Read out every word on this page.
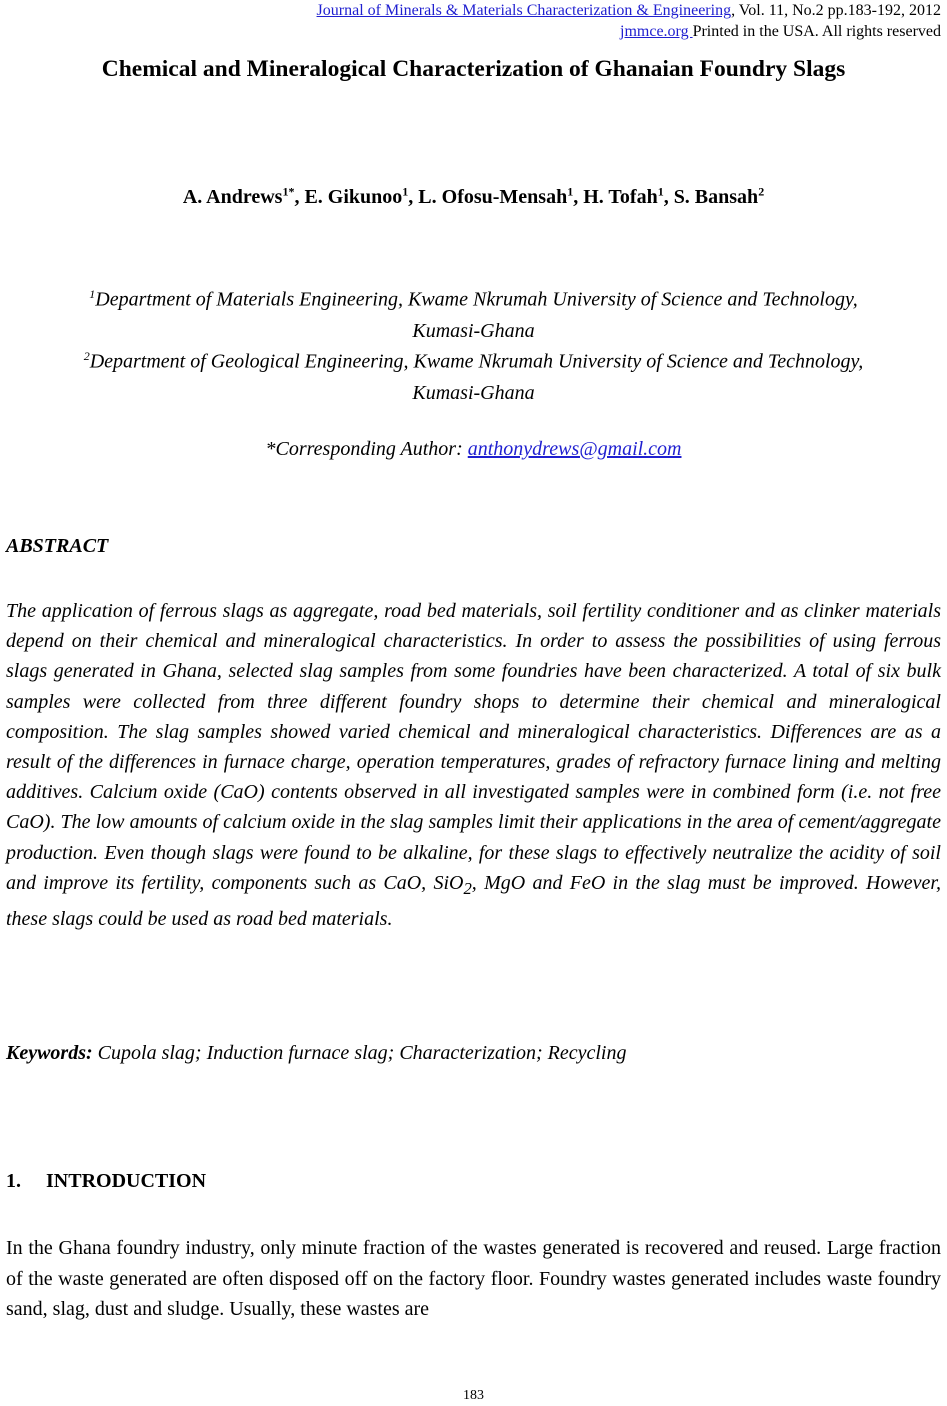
Journal of Minerals & Materials Characterization & Engineering, Vol. 11, No.2 pp.183-192, 2012
jmmce.org Printed in the USA. All rights reserved
Chemical and Mineralogical Characterization of Ghanaian Foundry Slags
A. Andrews$^{1*}$, E. Gikunoo$^1$, L. Ofosu-Mensah$^1$, H. Tofah$^1$, S. Bansah$^2$
$^1$Department of Materials Engineering, Kwame Nkrumah University of Science and Technology,
Kumasi-Ghana
$^2$Department of Geological Engineering, Kwame Nkrumah University of Science and Technology,
Kumasi-Ghana
*Corresponding Author: anthonydrews@gmail.com
ABSTRACT

The application of ferrous slags as aggregate, road bed materials, soil fertility conditioner and as clinker materials depend on their chemical and mineralogical characteristics. In order to assess the possibilities of using ferrous slags generated in Ghana, selected slag samples from some foundries have been characterized. A total of six bulk samples were collected from three different foundry shops to determine their chemical and mineralogical composition. The slag samples showed varied chemical and mineralogical characteristics. Differences are as a result of the differences in furnace charge, operation temperatures, grades of refractory furnace lining and melting additives. Calcium oxide (CaO) contents observed in all investigated samples were in combined form (i.e. not free CaO). The low amounts of calcium oxide in the slag samples limit their applications in the area of cement/aggregate production. Even though slags were found to be alkaline, for these slags to effectively neutralize the acidity of soil and improve its fertility, components such as CaO, SiO$_2$, MgO and FeO in the slag must be improved. However, these slags could be used as road bed materials.

Keywords: Cupola slag; Induction furnace slag; Characterization; Recycling
1. INTRODUCTION

In the Ghana foundry industry, only minute fraction of the wastes generated is recovered and reused. Large fraction of the waste generated are often disposed off on the factory floor. Foundry wastes generated includes waste foundry sand, slag, dust and sludge. Usually, these wastes are

183
